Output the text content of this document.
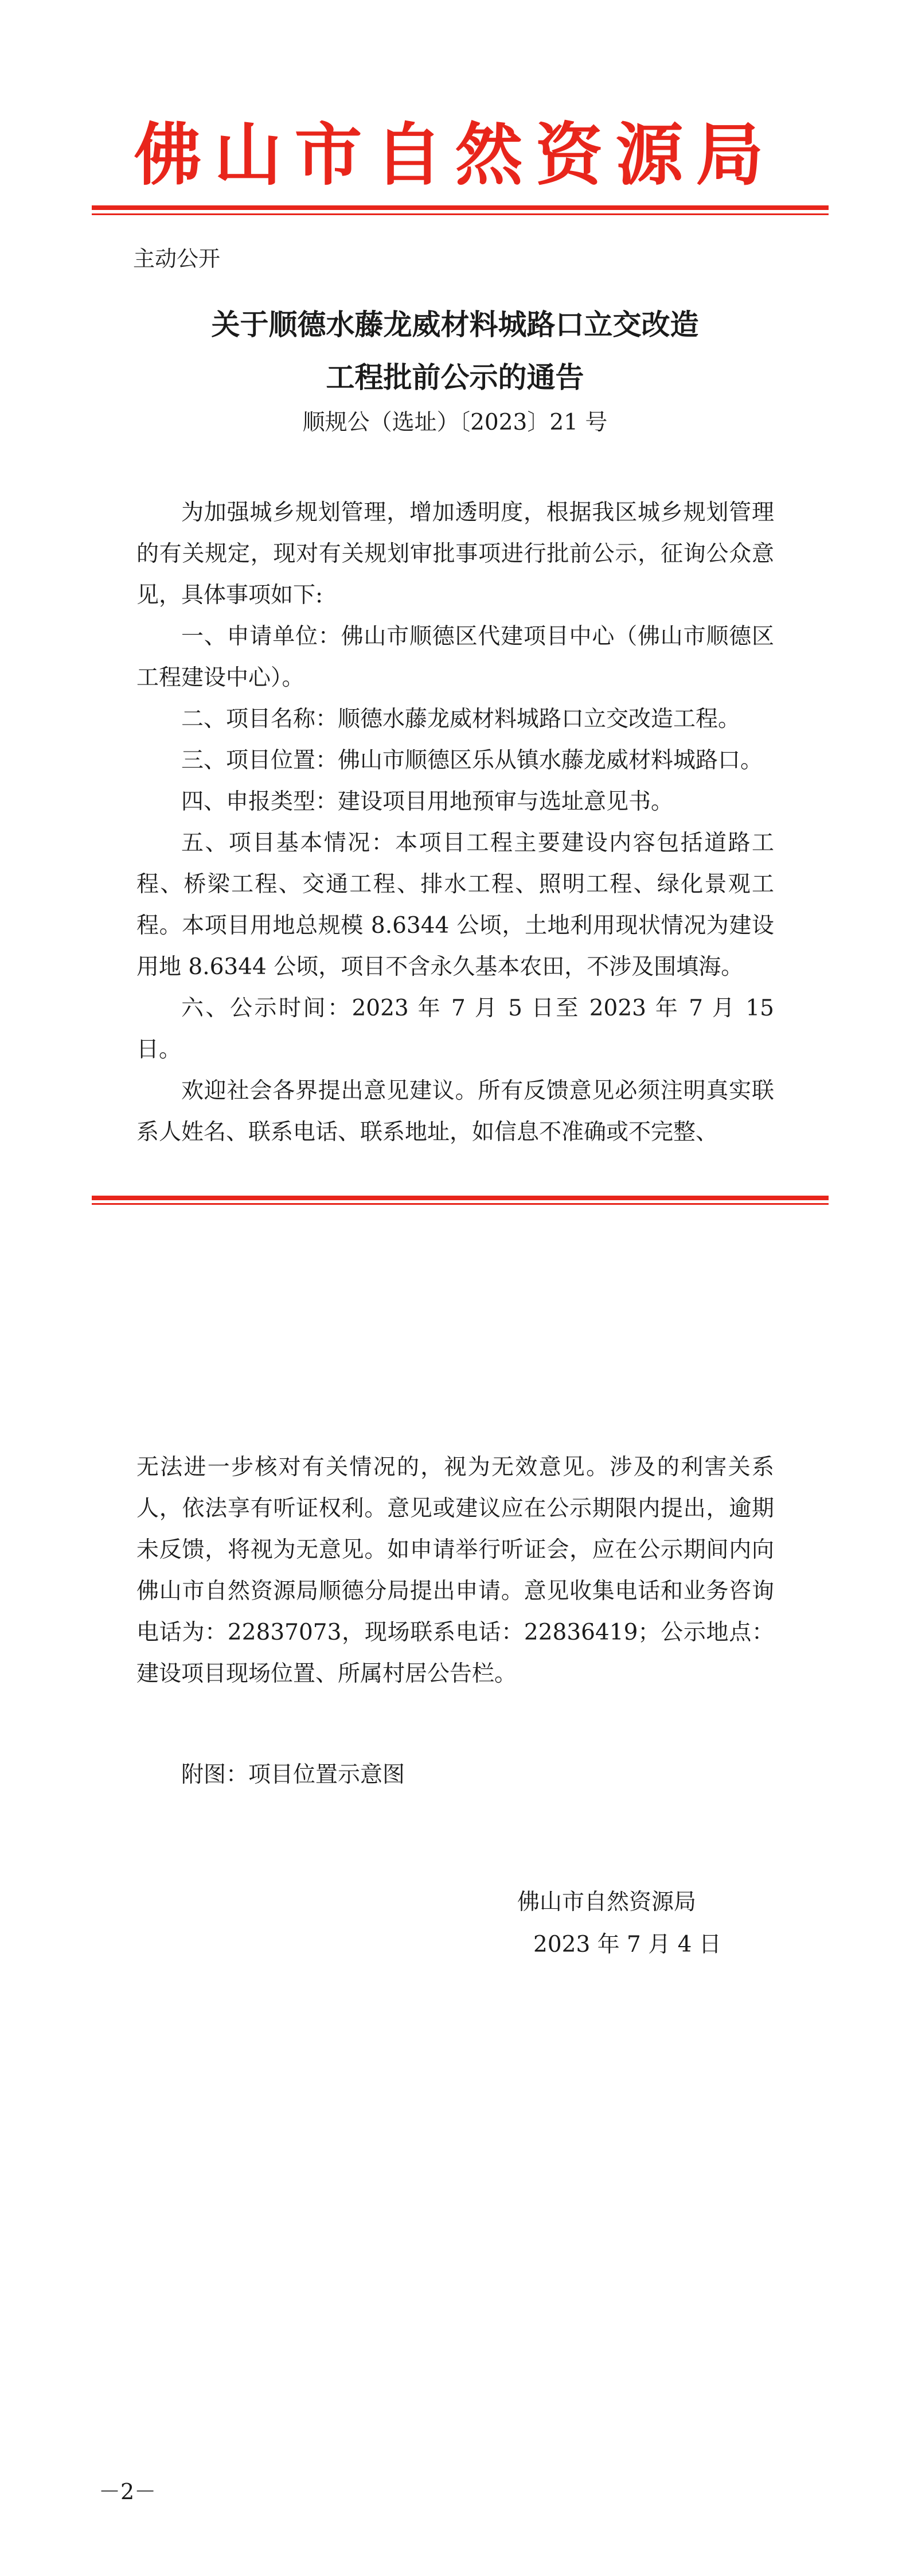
佛山市自然资源局
主动公开
关于顺德水藤龙威材料城路口立交改造
工程批前公示的通告
顺规公（选址）〔2023〕21 号

为加强城乡规划管理，增加透明度，根据我区城乡规划管理的有关规定，现对有关规划审批事项进行批前公示，征询公众意见，具体事项如下:

一、申请单位：佛山市顺德区代建项目中心（佛山市顺德区工程建设中心）。

二、项目名称：顺德水藤龙威材料城路口立交改造工程。

三、项目位置：佛山市顺德区乐从镇水藤龙威材料城路口。

四、申报类型：建设项目用地预审与选址意见书。

五、项目基本情况：本项目工程主要建设内容包括道路工程、桥梁工程、交通工程、排水工程、照明工程、绿化景观工程。本项目用地总规模 8.6344 公顷，土地利用现状情况为建设用地 8.6344 公顷，项目不含永久基本农田，不涉及围填海。

六、公示时间：2023 年 7 月 5 日至 2023 年 7 月 15 日。

欢迎社会各界提出意见建议。所有反馈意见必须注明真实联系人姓名、联系电话、联系地址，如信息不准确或不完整、

无法进一步核对有关情况的，视为无效意见。涉及的利害关系人，依法享有听证权利。意见或建议应在公示期限内提出，逾期未反馈，将视为无意见。如申请举行听证会，应在公示期间内向佛山市自然资源局顺德分局提出申请。意见收集电话和业务咨询电话为：22837073，现场联系电话：22836419；公示地点：建设项目现场位置、所属村居公告栏。

附图：项目位置示意图
佛山市自然资源局
2023 年 7 月 4 日
－2－
